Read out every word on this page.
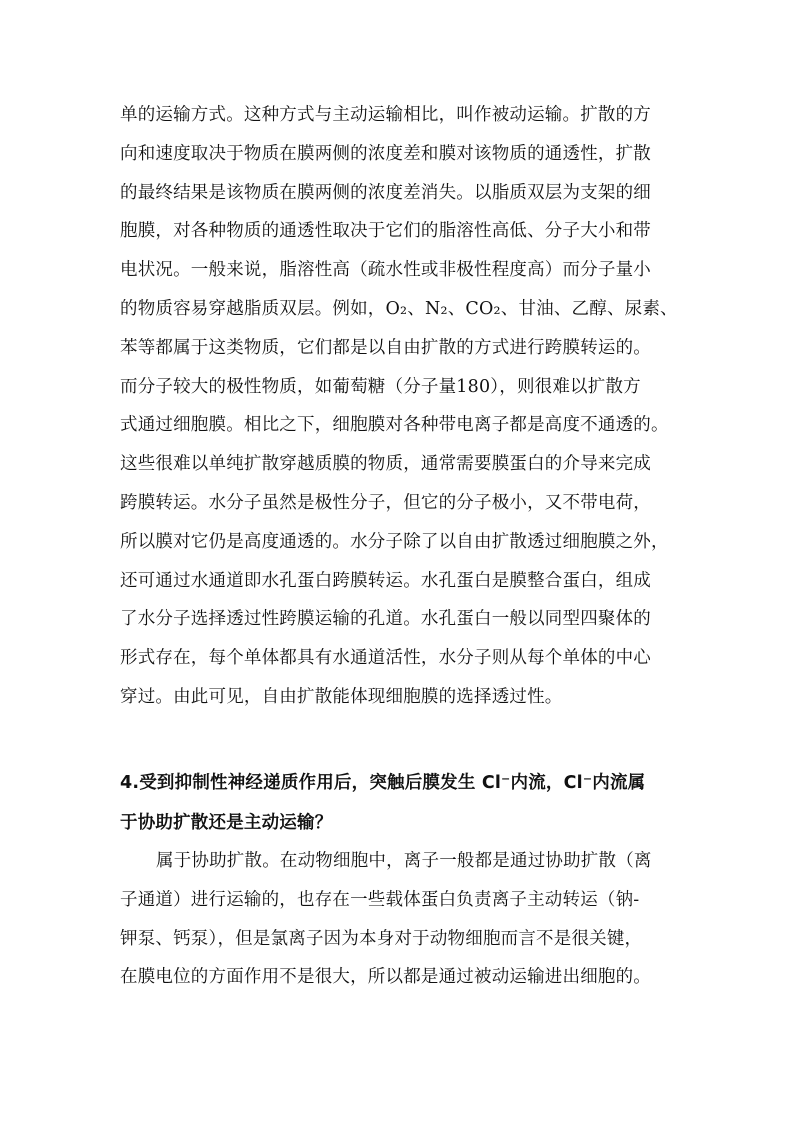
单的运输方式。这种方式与主动运输相比，叫作被动运输。扩散的方
向和速度取决于物质在膜两侧的浓度差和膜对该物质的通透性，扩散
的最终结果是该物质在膜两侧的浓度差消失。以脂质双层为支架的细
胞膜，对各种物质的通透性取决于它们的脂溶性高低、分子大小和带
电状况。一般来说，脂溶性高（疏水性或非极性程度高）而分子量小
的物质容易穿越脂质双层。例如，O₂、N₂、CO₂、甘油、乙醇、尿素、
苯等都属于这类物质，它们都是以自由扩散的方式进行跨膜转运的。
而分子较大的极性物质，如葡萄糖（分子量180），则很难以扩散方
式通过细胞膜。相比之下，细胞膜对各种带电离子都是高度不通透的。
这些很难以单纯扩散穿越质膜的物质，通常需要膜蛋白的介导来完成
跨膜转运。水分子虽然是极性分子，但它的分子极小，又不带电荷，
所以膜对它仍是高度通透的。水分子除了以自由扩散透过细胞膜之外，
还可通过水通道即水孔蛋白跨膜转运。水孔蛋白是膜整合蛋白，组成
了水分子选择透过性跨膜运输的孔道。水孔蛋白一般以同型四聚体的
形式存在，每个单体都具有水通道活性，水分子则从每个单体的中心
穿过。由此可见，自由扩散能体现细胞膜的选择透过性。
4.受到抑制性神经递质作用后，突触后膜发生 Cl⁻内流，Cl⁻内流属
于协助扩散还是主动运输？
属于协助扩散。在动物细胞中，离子一般都是通过协助扩散（离
子通道）进行运输的，也存在一些载体蛋白负责离子主动转运（钠-
钾泵、钙泵），但是氯离子因为本身对于动物细胞而言不是很关键，
在膜电位的方面作用不是很大，所以都是通过被动运输进出细胞的。
